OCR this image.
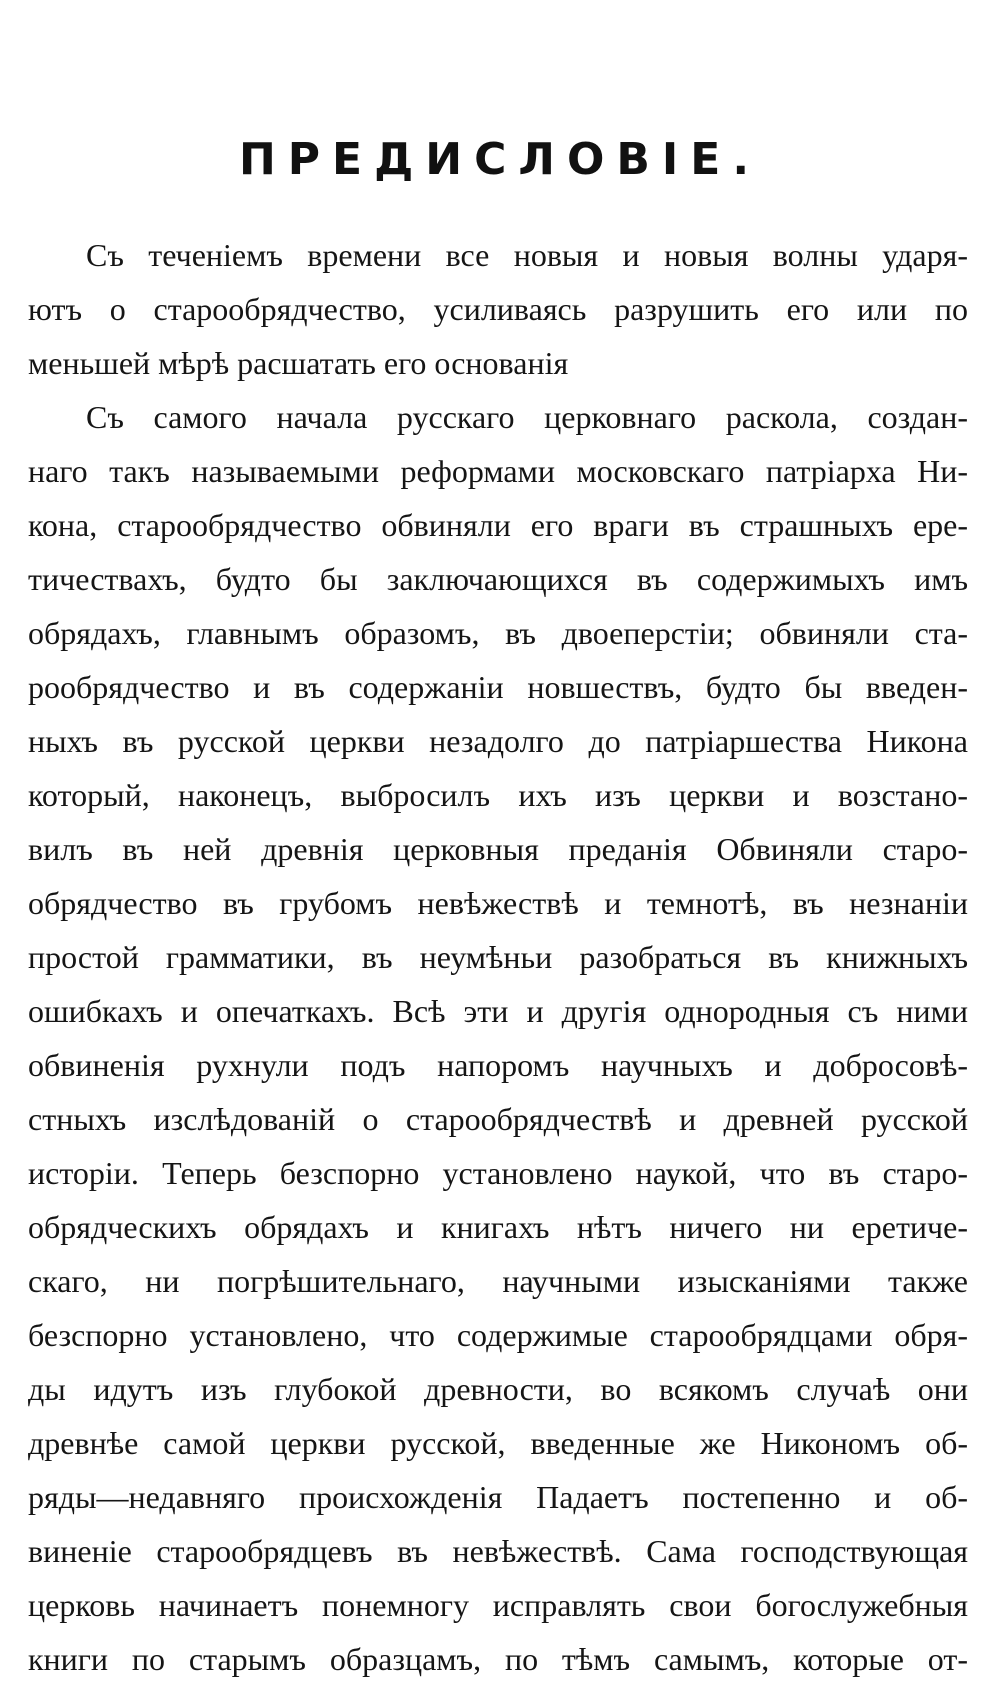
ПРЕДИСЛОВІЕ.
Съ теченіемъ времени все новыя и новыя волны ударя-
ютъ о старообрядчество, усиливаясь разрушить его или по
меньшей мѣрѣ расшатать его основанія
Съ самого начала русскаго церковнаго раскола, создан-
наго такъ называемыми реформами московскаго патріарха Ни-
кона, старообрядчество обвиняли его враги въ страшныхъ ере-
тичествахъ, будто бы заключающихся въ содержимыхъ имъ
обрядахъ, главнымъ образомъ, въ двоеперстіи; обвиняли ста-
рообрядчество и въ содержаніи новшествъ, будто бы введен-
ныхъ въ русской церкви незадолго до патріаршества Никона
который, наконецъ, выбросилъ ихъ изъ церкви и возстано-
вилъ въ ней древнія церковныя преданія Обвиняли старо-
обрядчество въ грубомъ невѣжествѣ и темнотѣ, въ незнаніи
простой грамматики, въ неумѣньи разобраться въ книжныхъ
ошибкахъ и опечаткахъ. Всѣ эти и другія однородныя съ ними
обвиненія рухнули подъ напоромъ научныхъ и добросовѣ-
стныхъ изслѣдованій о старообрядчествѣ и древней русской
исторіи. Теперь безспорно установлено наукой, что въ старо-
обрядческихъ обрядахъ и книгахъ нѣтъ ничего ни еретиче-
скаго, ни погрѣшительнаго, научными изысканіями также
безспорно установлено, что содержимые старообрядцами обря-
ды идутъ изъ глубокой древности, во всякомъ случаѣ они
древнѣе самой церкви русской, введенные же Никономъ об-
ряды—недавняго происхожденія Падаетъ постепенно и об-
виненіе старообрядцевъ въ невѣжествѣ. Сама господствующая
церковь начинаетъ понемногу исправлять свои богослужебныя
книги по старымъ образцамъ, по тѣмъ самымъ, которые от-
